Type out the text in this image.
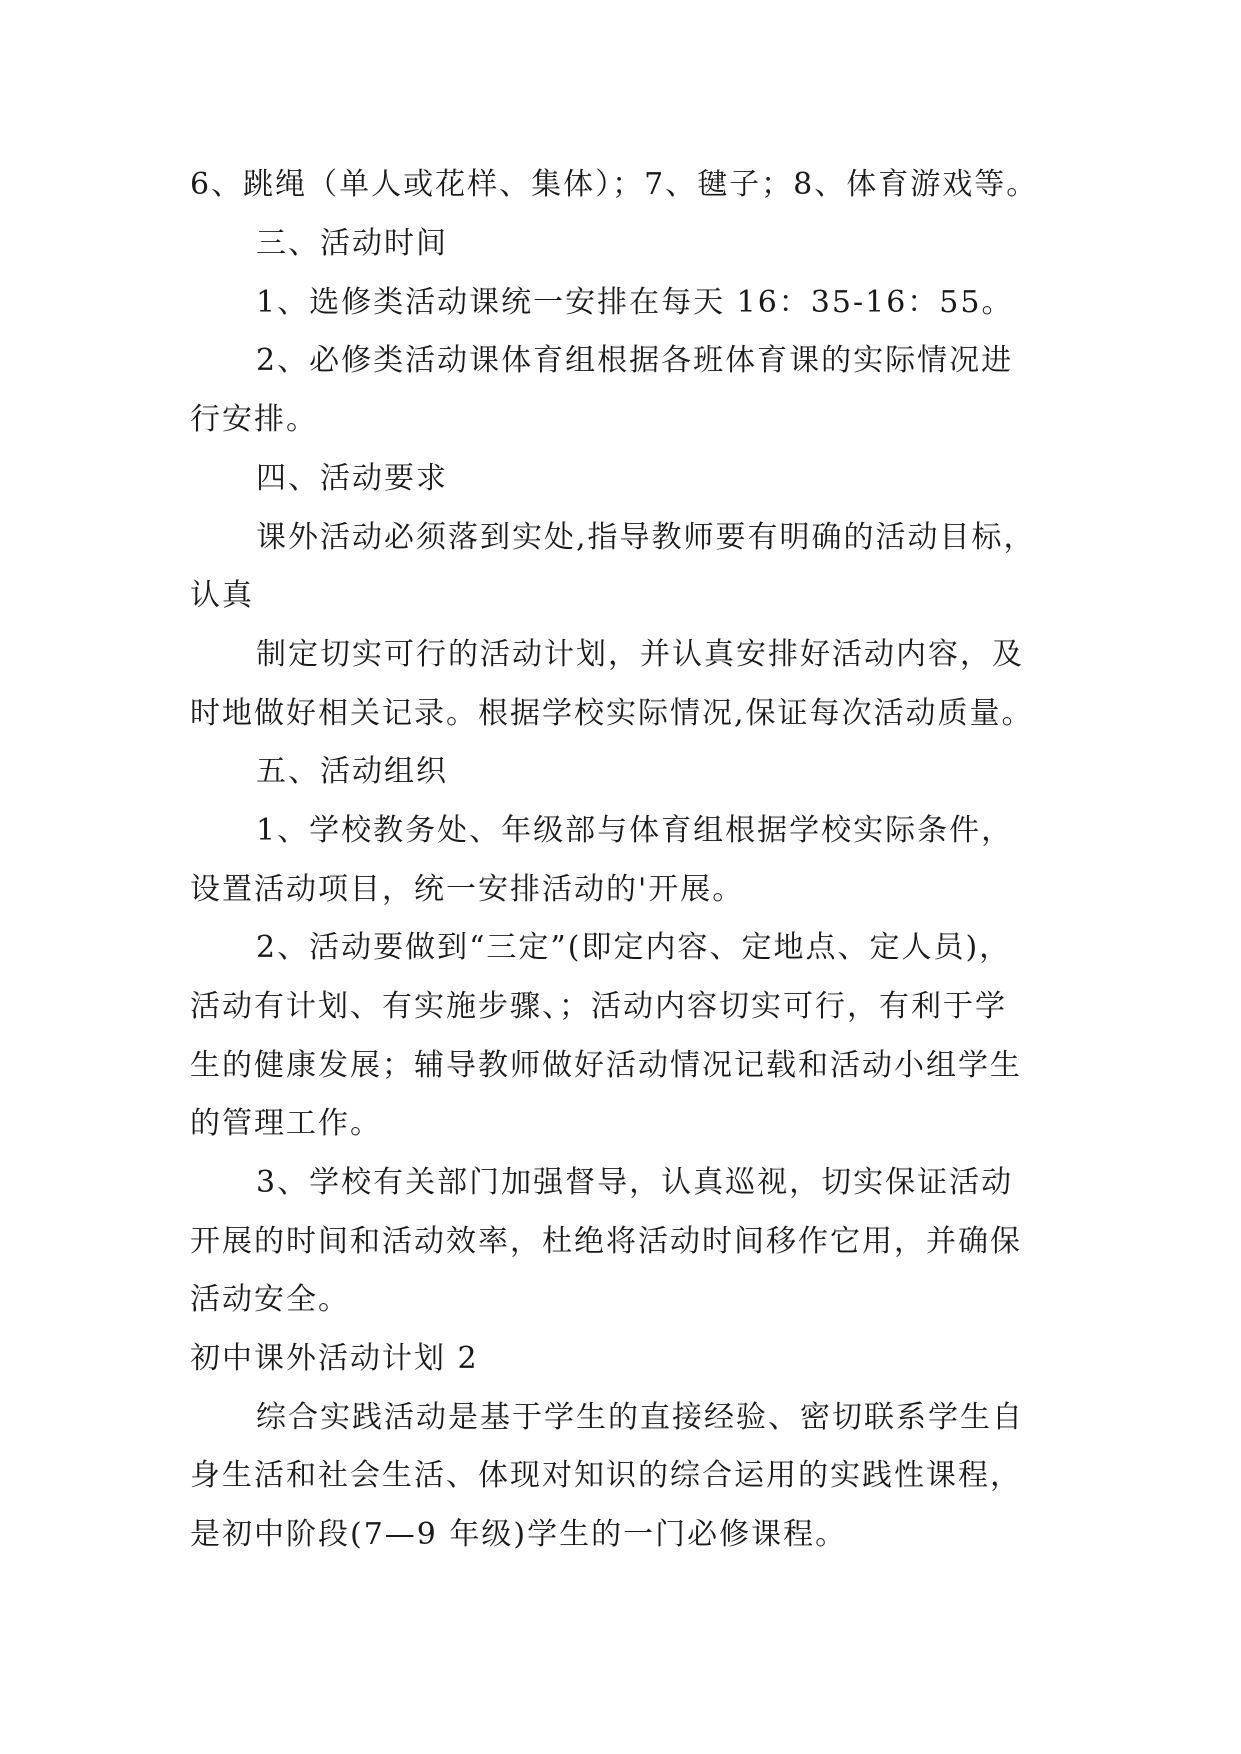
6、跳绳（单人或花样、集体）；7、毽子；8、体育游戏等。
三、活动时间
1、选修类活动课统一安排在每天 16：35-16：55。
2、必修类活动课体育组根据各班体育课的实际情况进
行安排。
四、活动要求
课外活动必须落到实处,指导教师要有明确的活动目标，
认真
制定切实可行的活动计划，并认真安排好活动内容，及
时地做好相关记录。根据学校实际情况,保证每次活动质量。
五、活动组织
1、学校教务处、年级部与体育组根据学校实际条件，
设置活动项目，统一安排活动的'开展。
2、活动要做到“三定”(即定内容、定地点、定人员)，
活动有计划、有实施步骤、；活动内容切实可行，有利于学
生的健康发展；辅导教师做好活动情况记载和活动小组学生
的管理工作。
3、学校有关部门加强督导，认真巡视，切实保证活动
开展的时间和活动效率，杜绝将活动时间移作它用，并确保
活动安全。
初中课外活动计划 2
综合实践活动是基于学生的直接经验、密切联系学生自
身生活和社会生活、体现对知识的综合运用的实践性课程，
是初中阶段(7—9 年级)学生的一门必修课程。
